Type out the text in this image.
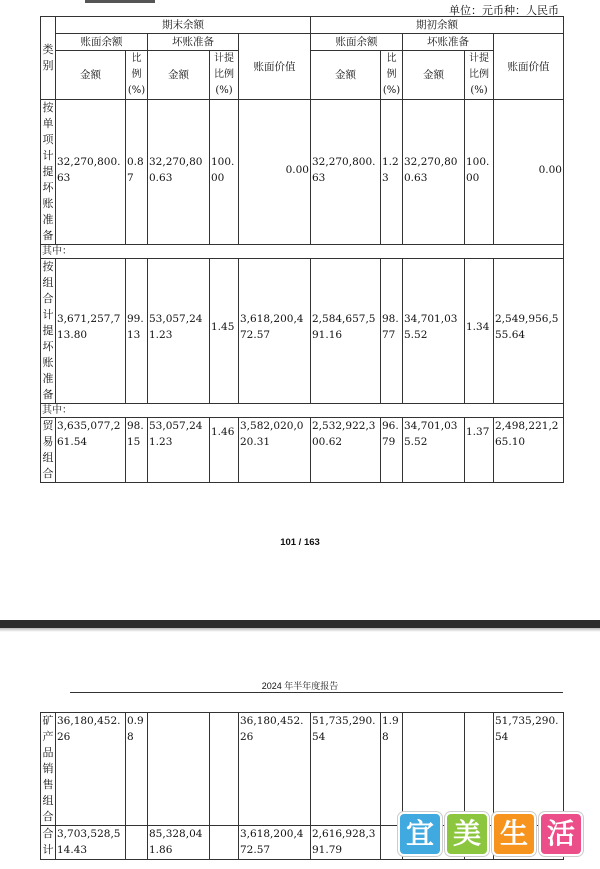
单位：元币种：人民币
类别	期末余额					期初余额				
	账面余额		坏账准备		账面价值	账面余额		坏账准备		账面价值
	金额	比例(%)	金额	计提比例(%)		金额	比例(%)	金额	计提比例(%)	
按单项计提坏账准备	32,270,800.63	0.87	32,270,800.63	100.00	0.00	32,270,800.63	1.23	32,270,800.63	100.00	0.00
其中：										
按组合计提坏账准备	3,671,257,713.80	99.13	53,057,241.23	1.45	3,618,200,472.57	2,584,657,591.16	98.77	34,701,035.52	1.34	2,549,956,555.64
其中：										
贸易组合	3,635,077,261.54	98.15	53,057,241.23	1.46	3,582,020,020.31	2,532,922,300.62	96.79	34,701,035.52	1.37	2,498,221,265.10
101 / 163
2024 年半年度报告
矿产品销售组合	36,180,452.26	0.98			36,180,452.26	51,735,290.54	1.98			51,735,290.54
合计	3,703,528,514.43		85,328,041.86		3,618,200,472.57	2,616,928,391.79				宜 美 生 活
